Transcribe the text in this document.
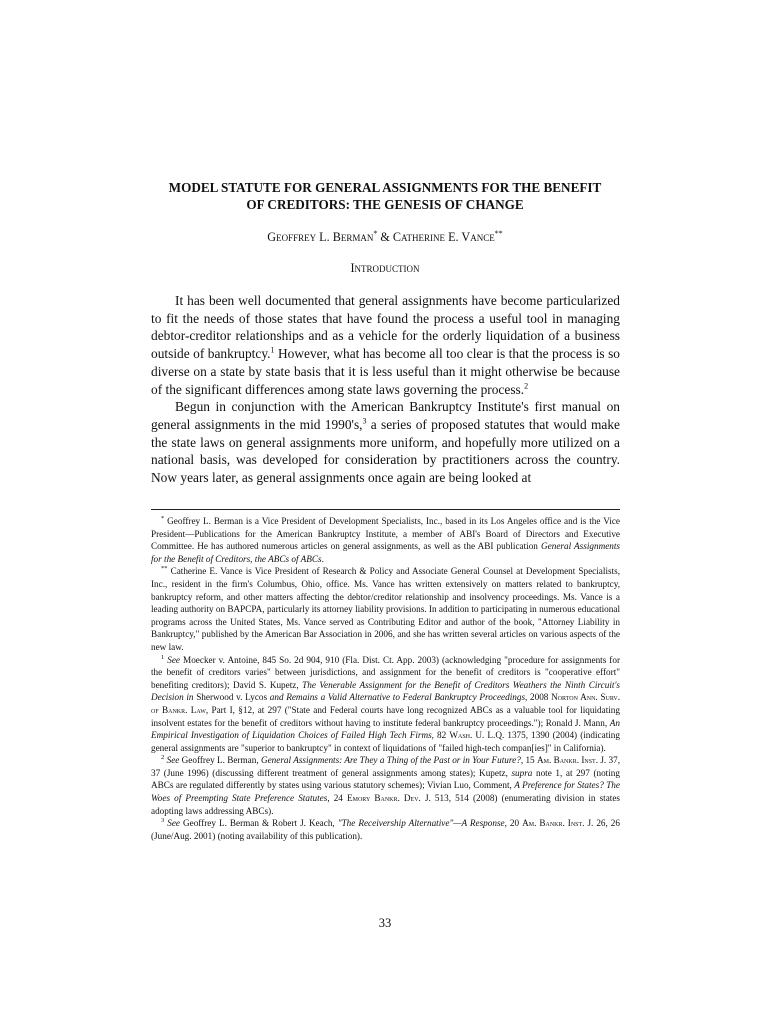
MODEL STATUTE FOR GENERAL ASSIGNMENTS FOR THE BENEFIT
OF CREDITORS: THE GENESIS OF CHANGE
Geoffrey L. Berman* & Catherine E. Vance**
Introduction

It has been well documented that general assignments have become particularized to fit the needs of those states that have found the process a useful tool in managing debtor-creditor relationships and as a vehicle for the orderly liquidation of a business outside of bankruptcy.$^1$ However, what has become all too clear is that the process is so diverse on a state by state basis that it is less useful than it might otherwise be because of the significant differences among state laws governing the process.$^2$

Begun in conjunction with the American Bankruptcy Institute's first manual on general assignments in the mid 1990's,$^3$ a series of proposed statutes that would make the state laws on general assignments more uniform, and hopefully more utilized on a national basis, was developed for consideration by practitioners across the country. Now years later, as general assignments once again are being looked at

* Geoffrey L. Berman is a Vice President of Development Specialists, Inc., based in its Los Angeles office and is the Vice President—Publications for the American Bankruptcy Institute, a member of ABI's Board of Directors and Executive Committee. He has authored numerous articles on general assignments, as well as the ABI publication General Assignments for the Benefit of Creditors, the ABCs of ABCs.

** Catherine E. Vance is Vice President of Research & Policy and Associate General Counsel at Development Specialists, Inc., resident in the firm's Columbus, Ohio, office. Ms. Vance has written extensively on matters related to bankruptcy, bankruptcy reform, and other matters affecting the debtor/creditor relationship and insolvency proceedings. Ms. Vance is a leading authority on BAPCPA, particularly its attorney liability provisions. In addition to participating in numerous educational programs across the United States, Ms. Vance served as Contributing Editor and author of the book, "Attorney Liability in Bankruptcy," published by the American Bar Association in 2006, and she has written several articles on various aspects of the new law.

$^1$ See Moecker v. Antoine, 845 So. 2d 904, 910 (Fla. Dist. Ct. App. 2003) (acknowledging "procedure for assignments for the benefit of creditors varies" between jurisdictions, and assignment for the benefit of creditors is "cooperative effort" benefiting creditors); David S. Kupetz, The Venerable Assignment for the Benefit of Creditors Weathers the Ninth Circuit's Decision in Sherwood v. Lycos and Remains a Valid Alternative to Federal Bankruptcy Proceedings, 2008 Norton Ann. Surv. of Bankr. Law, Part I, §12, at 297 ("State and Federal courts have long recognized ABCs as a valuable tool for liquidating insolvent estates for the benefit of creditors without having to institute federal bankruptcy proceedings."); Ronald J. Mann, An Empirical Investigation of Liquidation Choices of Failed High Tech Firms, 82 Wash. U. L.Q. 1375, 1390 (2004) (indicating general assignments are "superior to bankruptcy" in context of liquidations of "failed high-tech compan[ies]" in California).

$^2$ See Geoffrey L. Berman, General Assignments: Are They a Thing of the Past or in Your Future?, 15 Am. Bankr. Inst. J. 37, 37 (June 1996) (discussing different treatment of general assignments among states); Kupetz, supra note 1, at 297 (noting ABCs are regulated differently by states using various statutory schemes); Vivian Luo, Comment, A Preference for States? The Woes of Preempting State Preference Statutes, 24 Emory Bankr. Dev. J. 513, 514 (2008) (enumerating division in states adopting laws addressing ABCs).

$^3$ See Geoffrey L. Berman & Robert J. Keach, "The Receivership Alternative"—A Response, 20 Am. Bankr. Inst. J. 26, 26 (June/Aug. 2001) (noting availability of this publication).

33
